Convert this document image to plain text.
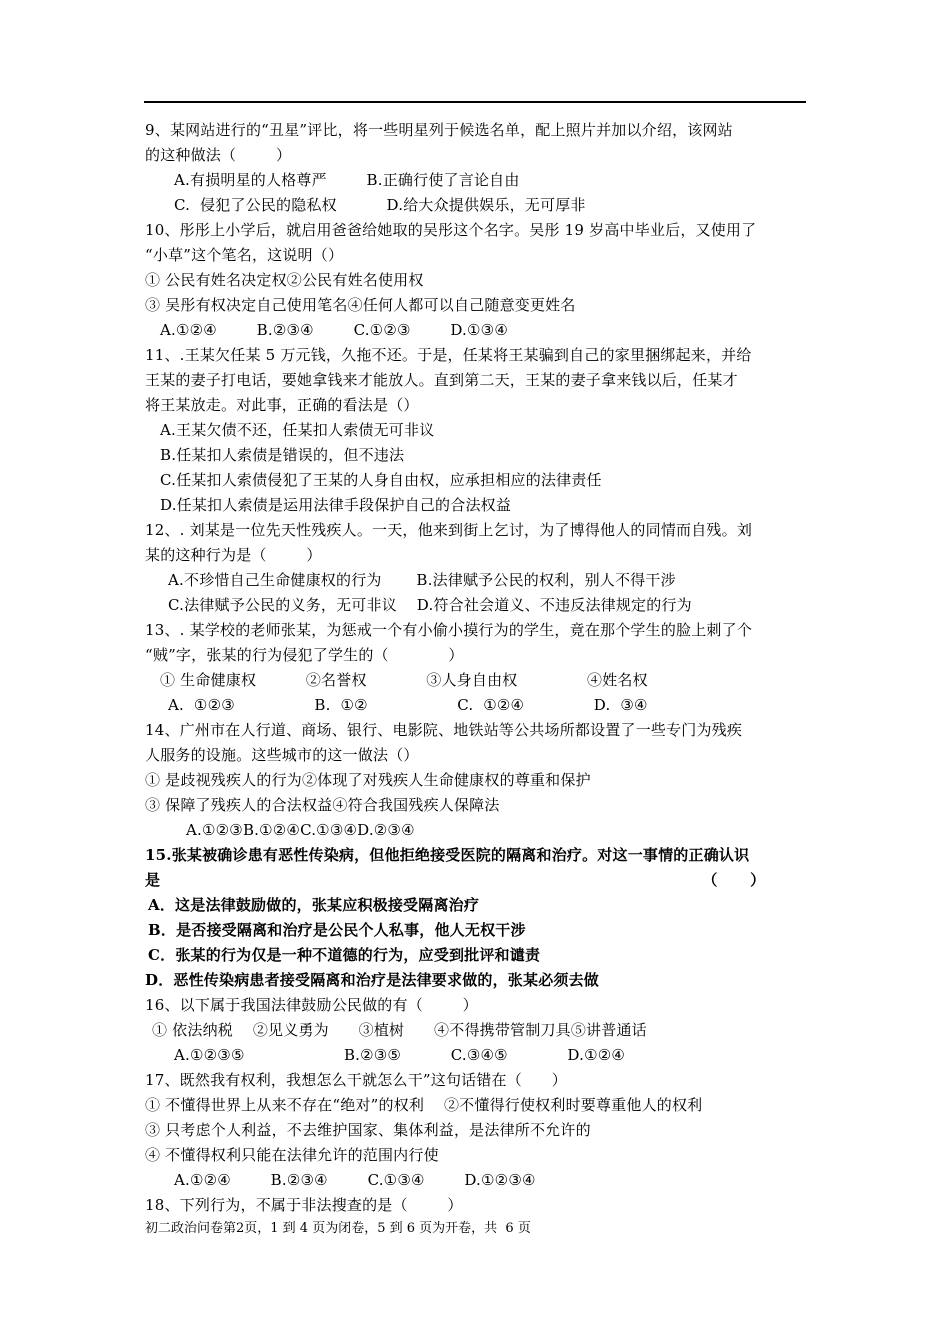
9、某网站进行的“丑星”评比，将一些明星列于候选名单，配上照片并加以介绍，该网站
的这种做法（        ）
A.有损明星的人格尊严        B.正确行使了言论自由
C.  侵犯了公民的隐私权          D.给大众提供娱乐，无可厚非
10、彤彤上小学后，就启用爸爸给她取的吴彤这个名字。吴彤 19 岁高中毕业后，又使用了
“小草”这个笔名，这说明（）
① 公民有姓名决定权②公民有姓名使用权
③ 吴彤有权决定自己使用笔名④任何人都可以自己随意变更姓名
A.①②④        B.②③④        C.①②③        D.①③④
11、.王某欠任某 5 万元钱，久拖不还。于是，任某将王某骗到自己的家里捆绑起来，并给
王某的妻子打电话，要她拿钱来才能放人。直到第二天，王某的妻子拿来钱以后，任某才
将王某放走。对此事，正确的看法是（）
A.王某欠债不还，任某扣人索债无可非议
B.任某扣人索债是错误的，但不违法
C.任某扣人索债侵犯了王某的人身自由权，应承担相应的法律责任
D.任某扣人索债是运用法律手段保护自己的合法权益
12、. 刘某是一位先天性残疾人。一天，他来到街上乞讨，为了博得他人的同情而自残。刘
某的这种行为是（        ）
A.不珍惜自己生命健康权的行为       B.法律赋予公民的权利，别人不得干涉
C.法律赋予公民的义务，无可非议    D.符合社会道义、不违反法律规定的行为
13、. 某学校的老师张某，为惩戒一个有小偷小摸行为的学生，竟在那个学生的脸上刺了个
“贼”字，张某的行为侵犯了学生的（            ）
① 生命健康权          ②名誉权            ③人身自由权              ④姓名权
A.  ①②③                B.  ①②                  C.  ①②④              D.  ③④
14、广州市在人行道、商场、银行、电影院、地铁站等公共场所都设置了一些专门为残疾
人服务的设施。这些城市的这一做法（）
① 是歧视残疾人的行为②体现了对残疾人生命健康权的尊重和保护
③ 保障了残疾人的合法权益④符合我国残疾人保障法
A.①②③B.①②④C.①③④D.②③④
15.张某被确诊患有恶性传染病，但他拒绝接受医院的隔离和治疗。对这一事情的正确认识
是                                                                                                    （      ）
A．这是法律鼓励做的，张某应积极接受隔离治疗
B．是否接受隔离和治疗是公民个人私事，他人无权干涉
C．张某的行为仅是一种不道德的行为，应受到批评和谴责
D．恶性传染病患者接受隔离和治疗是法律要求做的，张某必须去做
16、以下属于我国法律鼓励公民做的有（        ）
① 依法纳税    ②见义勇为      ③植树      ④不得携带管制刀具⑤讲普通话
A.①②③⑤                    B.②③⑤          C.③④⑤            D.①②④
17、既然我有权利，我想怎么干就怎么干”这句话错在（      ）
① 不懂得世界上从来不存在“绝对”的权利    ②不懂得行使权利时要尊重他人的权利
③ 只考虑个人利益，不去维护国家、集体利益，是法律所不允许的
④ 不懂得权利只能在法律允许的范围内行使
A.①②④        B.②③④        C.①③④        D.①②③④
18、下列行为，不属于非法搜查的是（        ）
初二政治问卷第2页，1 到 4 页为闭卷，5 到 6 页为开卷，共  6 页
